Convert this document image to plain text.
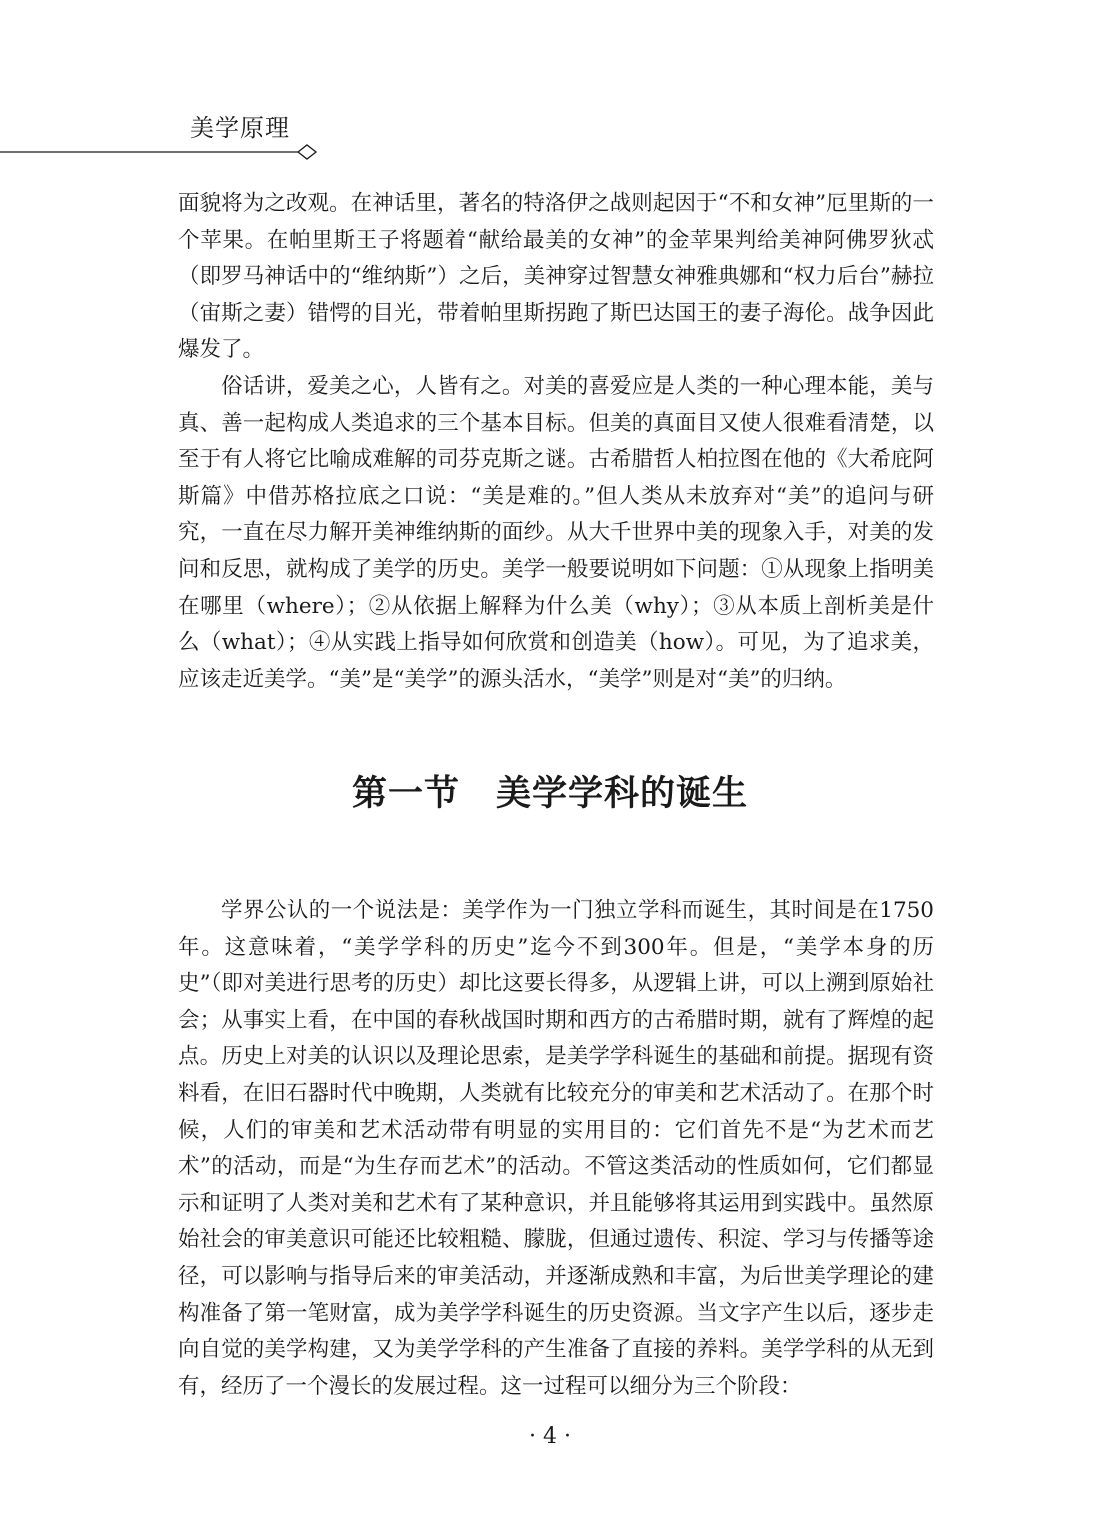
美学原理

面貌将为之改观。在神话里，著名的特洛伊之战则起因于“不和女神”厄里斯的一个苹果。在帕里斯王子将题着“献给最美的女神”的金苹果判给美神阿佛罗狄忒（即罗马神话中的“维纳斯”）之后，美神穿过智慧女神雅典娜和“权力后台”赫拉（宙斯之妻）错愕的目光，带着帕里斯拐跑了斯巴达国王的妻子海伦。战争因此爆发了。

俗话讲，爱美之心，人皆有之。对美的喜爱应是人类的一种心理本能，美与真、善一起构成人类追求的三个基本目标。但美的真面目又使人很难看清楚，以至于有人将它比喻成难解的司芬克斯之谜。古希腊哲人柏拉图在他的《大希庇阿斯篇》中借苏格拉底之口说：“美是难的。”但人类从未放弃对“美”的追问与研究，一直在尽力解开美神维纳斯的面纱。从大千世界中美的现象入手，对美的发问和反思，就构成了美学的历史。美学一般要说明如下问题：①从现象上指明美在哪里（where）；②从依据上解释为什么美（why）；③从本质上剖析美是什么（what）；④从实践上指导如何欣赏和创造美（how）。可见，为了追求美，应该走近美学。“美”是“美学”的源头活水，“美学”则是对“美”的归纳。

第一节　美学学科的诞生

学界公认的一个说法是：美学作为一门独立学科而诞生，其时间是在1750年。这意味着，“美学学科的历史”迄今不到300年。但是，“美学本身的历史”（即对美进行思考的历史）却比这要长得多，从逻辑上讲，可以上溯到原始社会；从事实上看，在中国的春秋战国时期和西方的古希腊时期，就有了辉煌的起点。历史上对美的认识以及理论思索，是美学学科诞生的基础和前提。据现有资料看，在旧石器时代中晚期，人类就有比较充分的审美和艺术活动了。在那个时候，人们的审美和艺术活动带有明显的实用目的：它们首先不是“为艺术而艺术”的活动，而是“为生存而艺术”的活动。不管这类活动的性质如何，它们都显示和证明了人类对美和艺术有了某种意识，并且能够将其运用到实践中。虽然原始社会的审美意识可能还比较粗糙、朦胧，但通过遗传、积淀、学习与传播等途径，可以影响与指导后来的审美活动，并逐渐成熟和丰富，为后世美学理论的建构准备了第一笔财富，成为美学学科诞生的历史资源。当文字产生以后，逐步走向自觉的美学构建，又为美学学科的产生准备了直接的养料。美学学科的从无到有，经历了一个漫长的发展过程。这一过程可以细分为三个阶段：

· 4 ·
